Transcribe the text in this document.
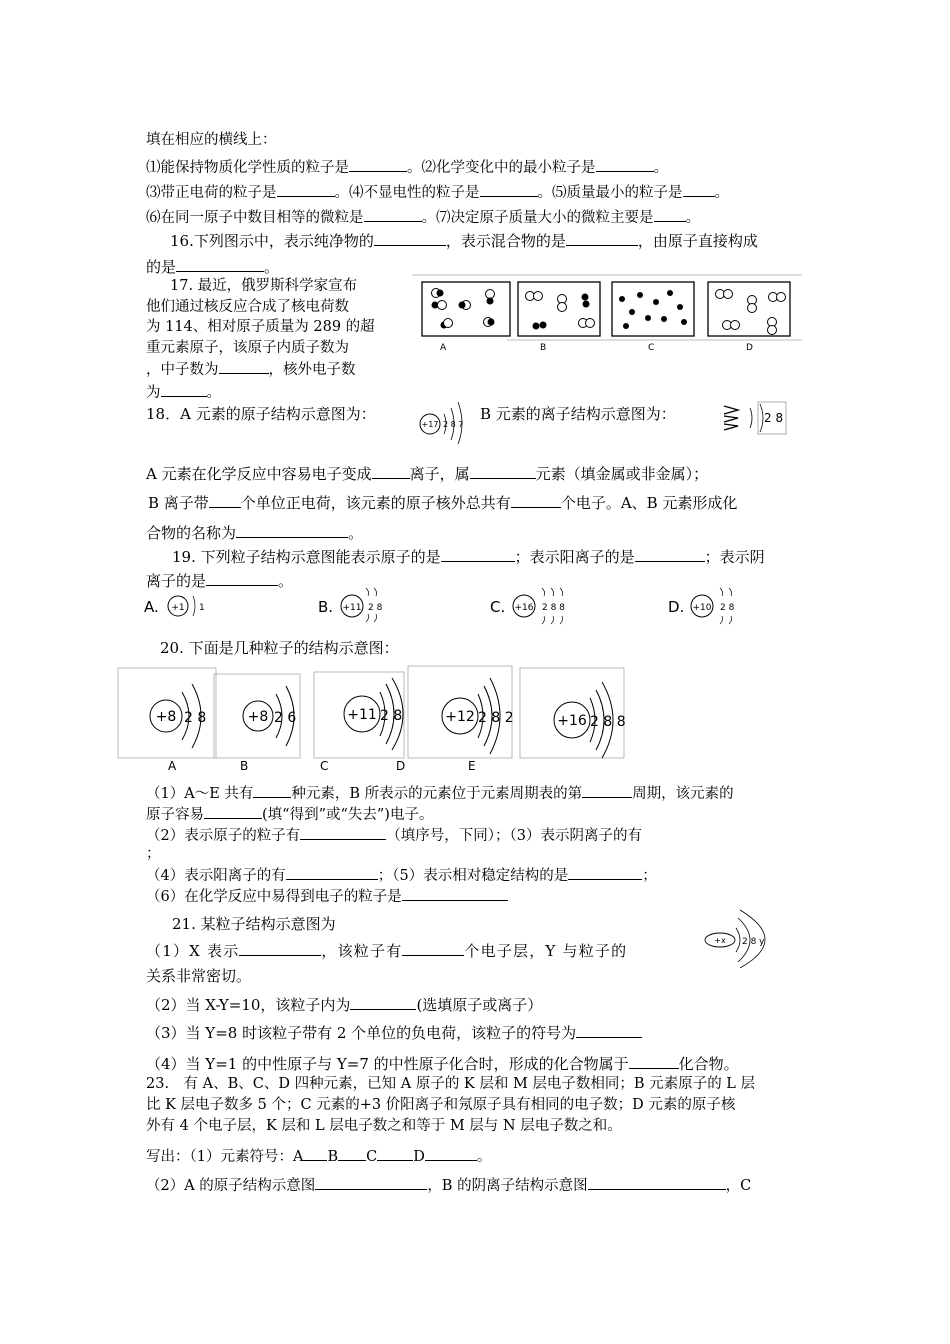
填在相应的横线上：
⑴能保持物质化学性质的粒子是	。⑵化学变化中的最小粒子是	。
⑶带正电荷的粒子是	。⑷不显电性的粒子是	。⑸质量最小的粒子是 。
⑹在同一原子中数目相等的微粒是	。⑺决定原子质量大小的微粒主要是 。
16.下列图示中，表示纯净物的	，表示混合物的是	，由原子直接构成
的是	。
17. 最近，俄罗斯科学家宣布
他们通过核反应合成了核电荷数
为 114、相对原子质量为 289 的超
重元素原子，该原子内质子数为
，中子数为	，核外电子数
为	。
A	B	C	D
18．A 元素的原子结构示意图为：
+17 2 8 7
B 元素的离子结构示意图为：	2 8
A 元素在化学反应中容易电子变成	离子，属	元素（填金属或非金属）；
B 离子带 个单位正电荷，该元素的原子核外总共有	个电子。A、B 元素形成化
合物的名称为	。
19. 下列粒子结构示意图能表示原子的是	；表示阳离子的是	；表示阴
离子的是	。
A. +1 1	B. +11 2 8	C. +16 2 8 8	D. +10 2 8
20. 下面是几种粒子的结构示意图：
+8 2 8
A
+8 2 6
B
+11 2 8
C
+12 2 8 2
D
+16 2 8 8
E
（1）A～E 共有	种元素，B 所表示的元素位于元素周期表的第	周期，该元素的
原子容易	(填“得到”或“失去”)电子。
（2）表示原子的粒子有	（填序号，下同）；（3）表示阴离子的有
；
（4）表示阳离子的有	；（5）表示相对稳定结构的是	；
（6）在化学反应中易得到电子的粒子是
21. 某粒子结构示意图为
+x 2 8 y
（1）X 表示	，该粒子有	个电子层，Y 与粒子的
关系非常密切。
（2）当 X-Y=10，该粒子内为	(选填原子或离子）
（3）当 Y=8 时该粒子带有 2 个单位的负电荷，该粒子的符号为
（4）当 Y=1 的中性原子与 Y=7 的中性原子化合时，形成的化合物属于	化合物。
23.　有 A、B、C、D 四种元素，已知 A 原子的 K 层和 M 层电子数相同；B 元素原子的 L 层
比 K 层电子数多 5 个；C 元素的+3 价阳离子和氖原子具有相同的电子数；D 元素的原子核
外有 4 个电子层，K 层和 L 层电子数之和等于 M 层与 N 层电子数之和。
写出：（1）元素符号：A B C D	。
（2）A 的原子结构示意图	，B 的阴离子结构示意图	，C
